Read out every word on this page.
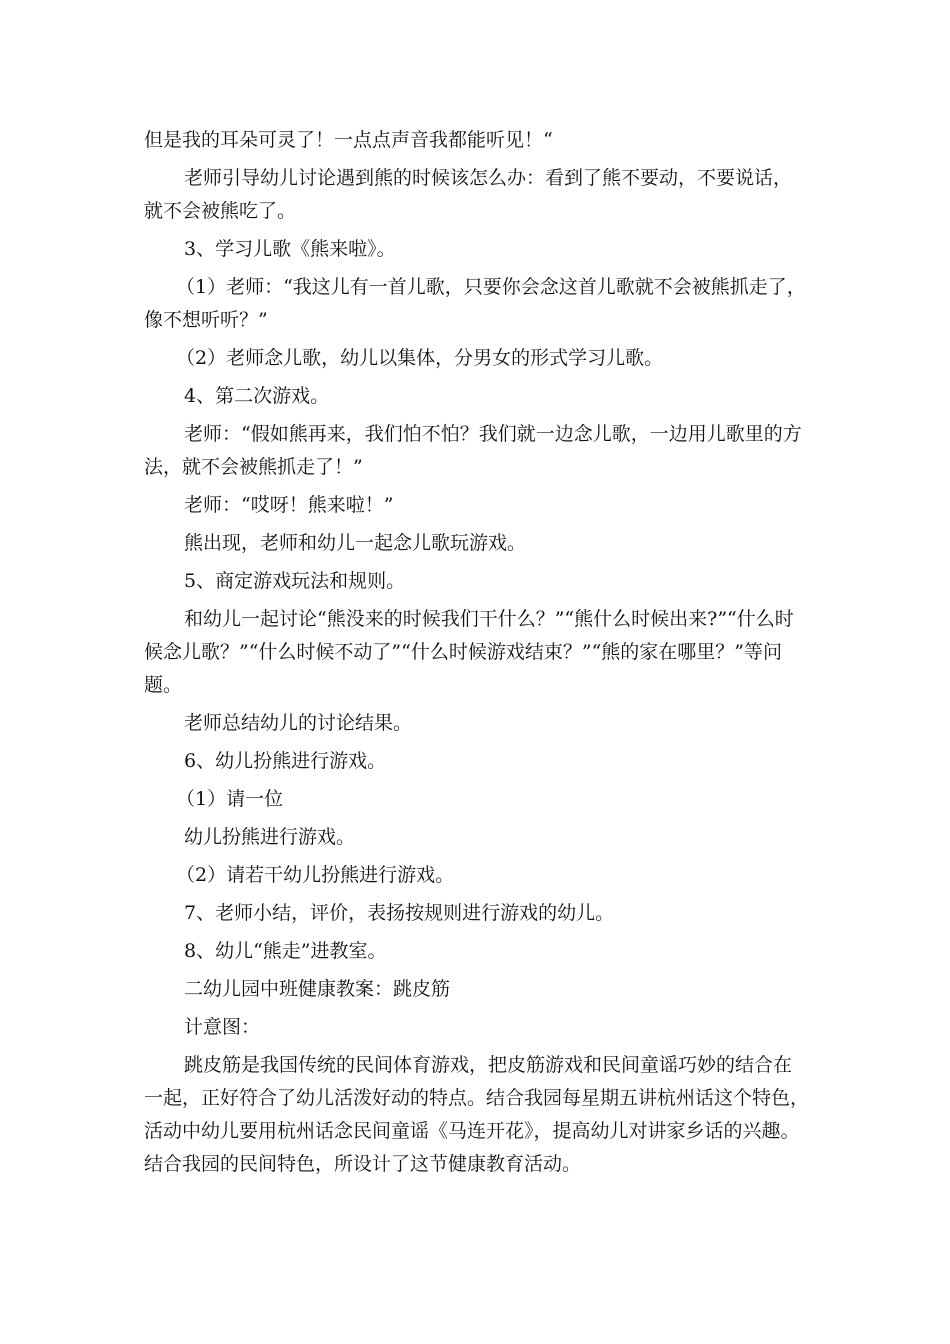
但是我的耳朵可灵了！一点点声音我都能听见！“

老师引导幼儿讨论遇到熊的时候该怎么办：看到了熊不要动，不要说话，就不会被熊吃了。

3、学习儿歌《熊来啦》。

（1）老师：“我这儿有一首儿歌，只要你会念这首儿歌就不会被熊抓走了，像不想听听？”

（2）老师念儿歌，幼儿以集体，分男女的形式学习儿歌。

4、第二次游戏。

老师：“假如熊再来，我们怕不怕？我们就一边念儿歌，一边用儿歌里的方法，就不会被熊抓走了！”

老师：“哎呀！熊来啦！”

熊出现，老师和幼儿一起念儿歌玩游戏。

5、商定游戏玩法和规则。

和幼儿一起讨论“熊没来的时候我们干什么？”“熊什么时候出来?”“什么时候念儿歌？”“什么时候不动了”“什么时候游戏结束？”“熊的家在哪里？”等问题。

老师总结幼儿的讨论结果。

6、幼儿扮熊进行游戏。

（1）请一位

幼儿扮熊进行游戏。

（2）请若干幼儿扮熊进行游戏。

7、老师小结，评价，表扬按规则进行游戏的幼儿。

8、幼儿“熊走”进教室。

二幼儿园中班健康教案：跳皮筋

计意图：

跳皮筋是我国传统的民间体育游戏，把皮筋游戏和民间童谣巧妙的结合在一起，正好符合了幼儿活泼好动的特点。结合我园每星期五讲杭州话这个特色，活动中幼儿要用杭州话念民间童谣《马连开花》，提高幼儿对讲家乡话的兴趣。结合我园的民间特色，所设计了这节健康教育活动。
